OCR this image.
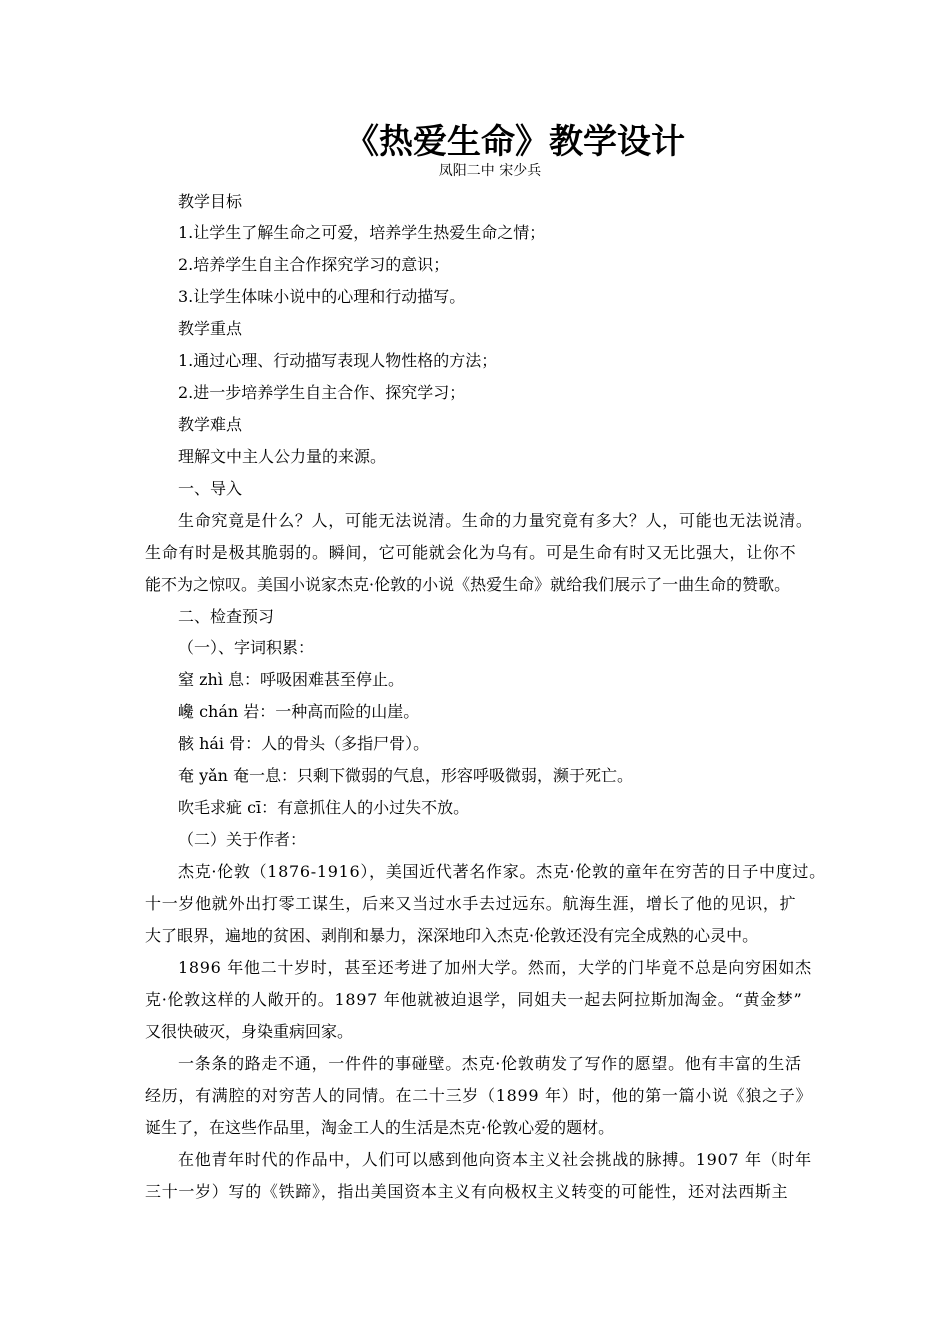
《热爱生命》教学设计
凤阳二中 宋少兵
教学目标
1.让学生了解生命之可爱，培养学生热爱生命之情；
2.培养学生自主合作探究学习的意识；
3.让学生体味小说中的心理和行动描写。
教学重点
1.通过心理、行动描写表现人物性格的方法；
2.进一步培养学生自主合作、探究学习；
教学难点
理解文中主人公力量的来源。
一、导入
生命究竟是什么？人，可能无法说清。生命的力量究竟有多大？人，可能也无法说清。
生命有时是极其脆弱的。瞬间，它可能就会化为乌有。可是生命有时又无比强大，让你不
能不为之惊叹。美国小说家杰克·伦敦的小说《热爱生命》就给我们展示了一曲生命的赞歌。
二、检查预习
（一）、字词积累：
窒 zhì 息：呼吸困难甚至停止。
巉 chán 岩：一种高而险的山崖。
骸 hái 骨：人的骨头（多指尸骨）。
奄 yǎn 奄一息：只剩下微弱的气息，形容呼吸微弱，濒于死亡。
吹毛求疵 cī：有意抓住人的小过失不放。
（二）关于作者：
杰克·伦敦（1876-1916），美国近代著名作家。杰克·伦敦的童年在穷苦的日子中度过。
十一岁他就外出打零工谋生，后来又当过水手去过远东。航海生涯，增长了他的见识，扩
大了眼界，遍地的贫困、剥削和暴力，深深地印入杰克·伦敦还没有完全成熟的心灵中。
1896 年他二十岁时，甚至还考进了加州大学。然而，大学的门毕竟不总是向穷困如杰
克·伦敦这样的人敞开的。1897 年他就被迫退学，同姐夫一起去阿拉斯加淘金。“黄金梦”
又很快破灭，身染重病回家。
一条条的路走不通，一件件的事碰壁。杰克·伦敦萌发了写作的愿望。他有丰富的生活
经历，有满腔的对穷苦人的同情。在二十三岁（1899 年）时，他的第一篇小说《狼之子》
诞生了，在这些作品里，淘金工人的生活是杰克·伦敦心爱的题材。
在他青年时代的作品中，人们可以感到他向资本主义社会挑战的脉搏。1907 年（时年
三十一岁）写的《铁蹄》，指出美国资本主义有向极权主义转变的可能性，还对法西斯主
